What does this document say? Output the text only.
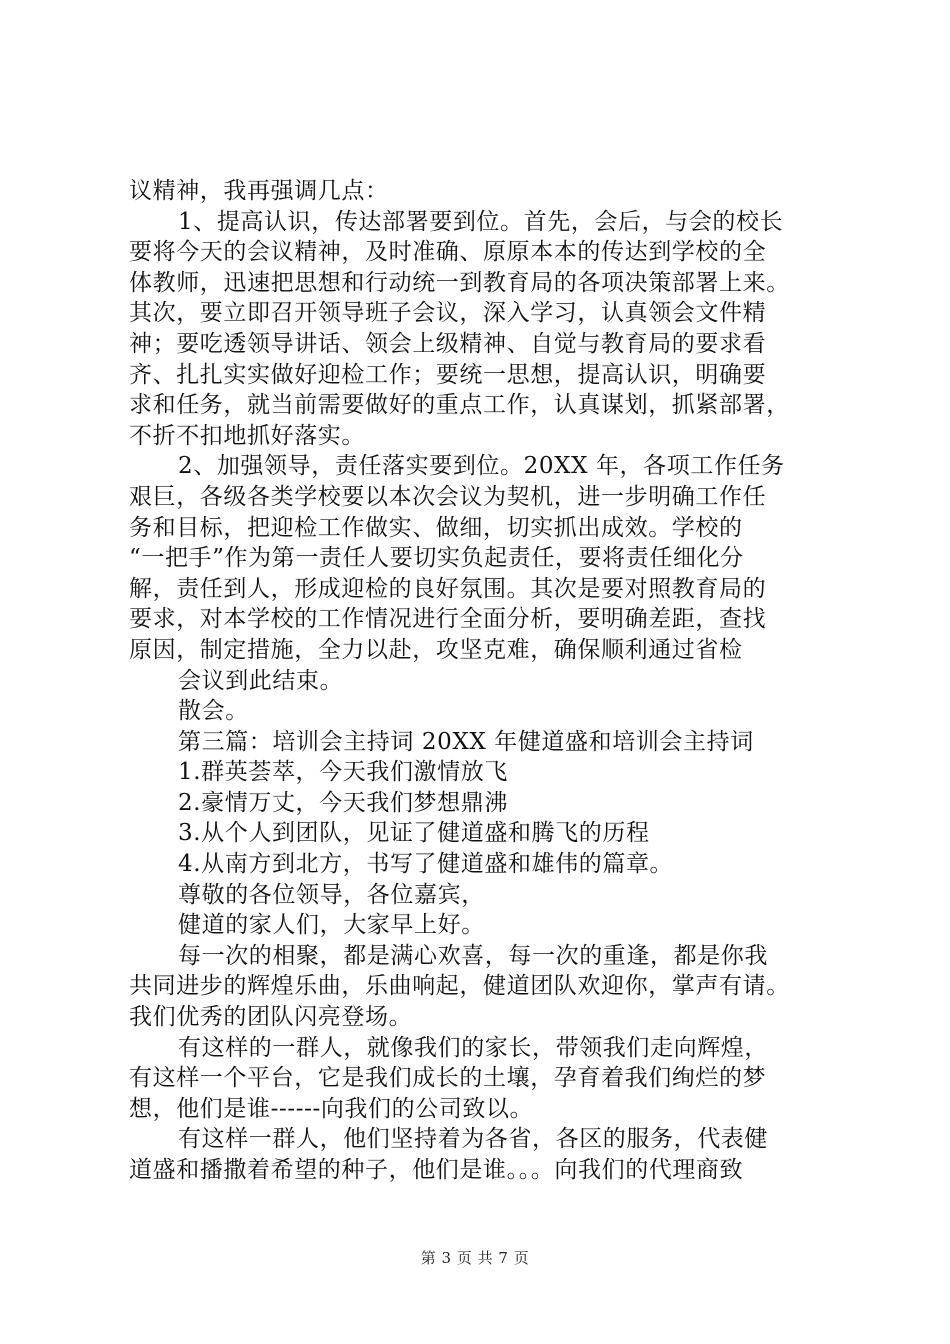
议精神，我再强调几点：
1、提高认识，传达部署要到位。首先，会后，与会的校长
要将今天的会议精神，及时准确、原原本本的传达到学校的全
体教师，迅速把思想和行动统一到教育局的各项决策部署上来。
其次，要立即召开领导班子会议，深入学习，认真领会文件精
神；要吃透领导讲话、领会上级精神、自觉与教育局的要求看
齐、扎扎实实做好迎检工作；要统一思想，提高认识，明确要
求和任务，就当前需要做好的重点工作，认真谋划，抓紧部署，
不折不扣地抓好落实。
2、加强领导，责任落实要到位。20XX 年，各项工作任务
艰巨，各级各类学校要以本次会议为契机，进一步明确工作任
务和目标，把迎检工作做实、做细，切实抓出成效。学校的
“一把手”作为第一责任人要切实负起责任，要将责任细化分
解，责任到人，形成迎检的良好氛围。其次是要对照教育局的
要求，对本学校的工作情况进行全面分析，要明确差距，查找
原因，制定措施，全力以赴，攻坚克难，确保顺利通过省检
会议到此结束。
散会。
第三篇：培训会主持词 20XX 年健道盛和培训会主持词
1.群英荟萃，今天我们激情放飞
2.豪情万丈，今天我们梦想鼎沸
3.从个人到团队，见证了健道盛和腾飞的历程
4.从南方到北方，书写了健道盛和雄伟的篇章。
尊敬的各位领导，各位嘉宾，
健道的家人们，大家早上好。
每一次的相聚，都是满心欢喜，每一次的重逢，都是你我
共同进步的辉煌乐曲，乐曲响起，健道团队欢迎你，掌声有请。
我们优秀的团队闪亮登场。
有这样的一群人，就像我们的家长，带领我们走向辉煌，
有这样一个平台，它是我们成长的土壤，孕育着我们绚烂的梦
想，他们是谁------向我们的公司致以。
有这样一群人，他们坚持着为各省，各区的服务，代表健
道盛和播撒着希望的种子，他们是谁。。。向我们的代理商致
第 3 页 共 7 页
